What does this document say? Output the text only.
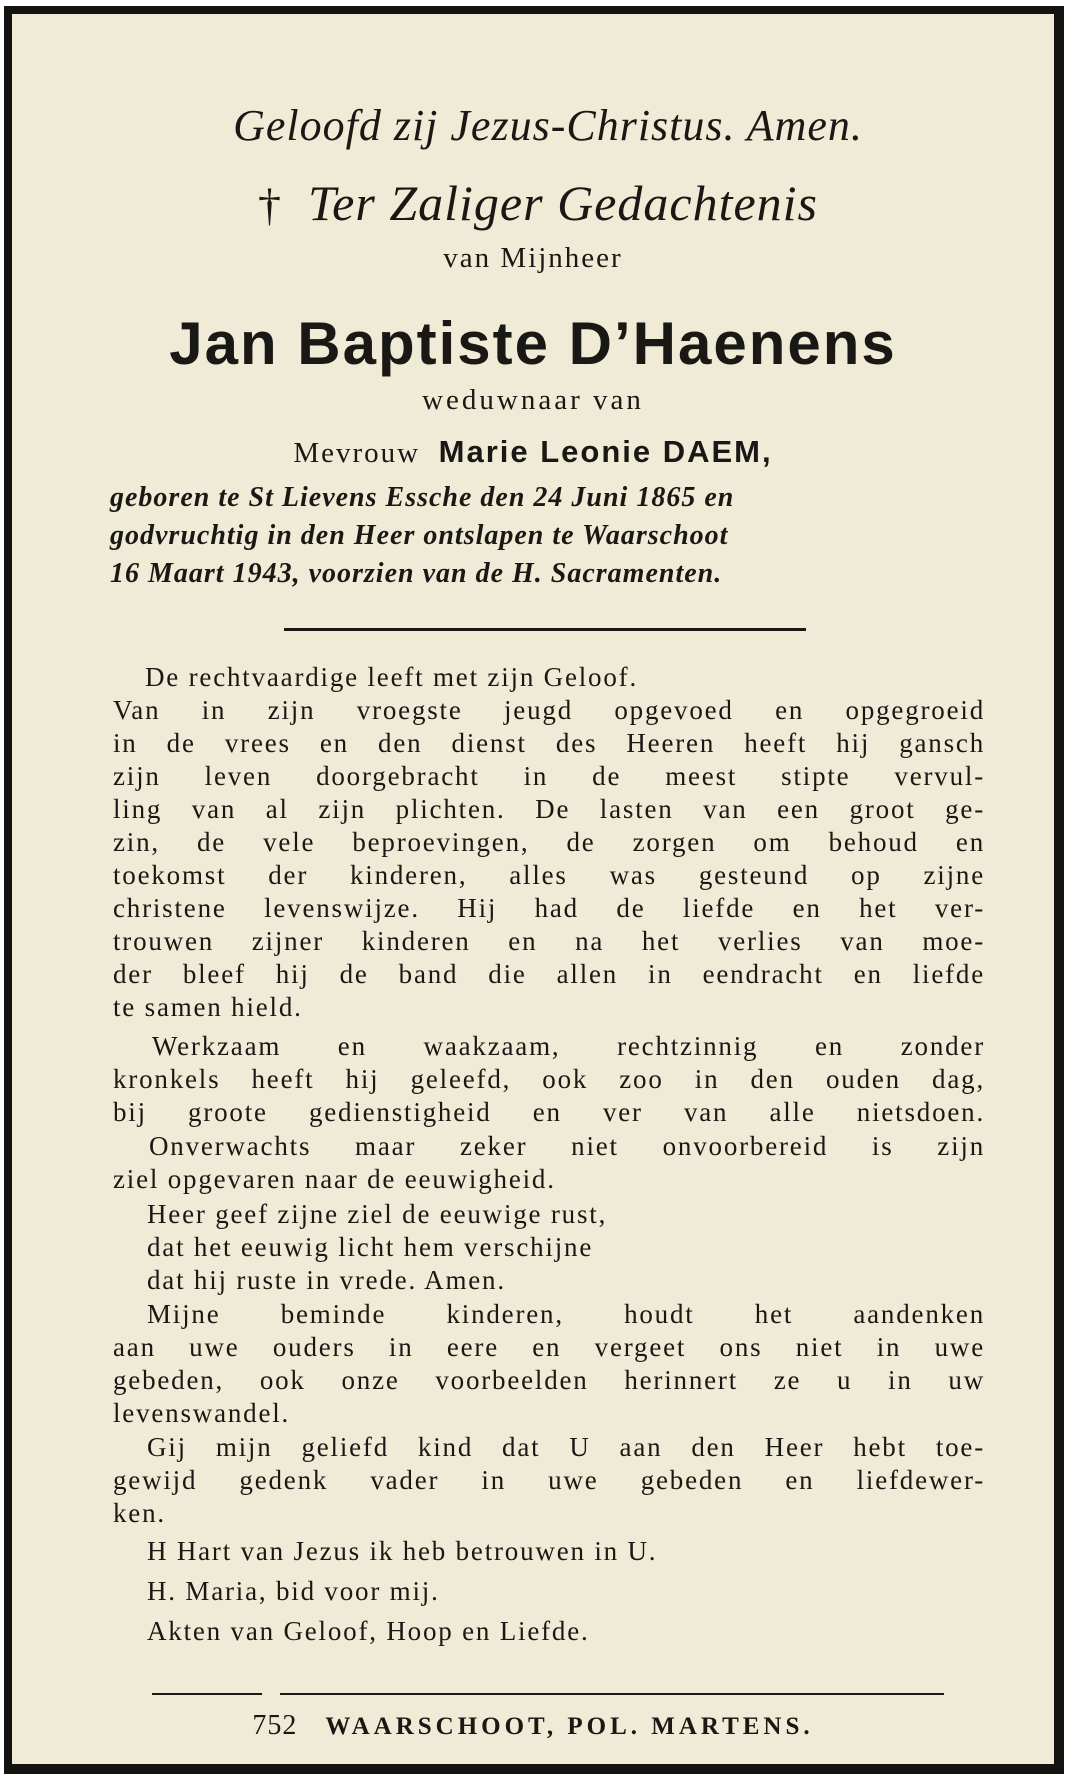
Geloofd zij Jezus-Christus. Amen.
† Ter Zaliger Gedachtenis
van Mijnheer
Jan Baptiste D’Haenens
weduwnaar van
Mevrouw Marie Leonie DAEM,
geboren te St Lievens Essche den 24 Juni 1865 en
godvruchtig in den Heer ontslapen te Waarschoot
16 Maart 1943, voorzien van de H. Sacramenten.
De rechtvaardige leeft met zijn Geloof.
Van in zijn vroegste jeugd opgevoed en opgegroeid
in de vrees en den dienst des Heeren heeft hij gansch
zijn leven doorgebracht in de meest stipte vervul-
ling van al zijn plichten. De lasten van een groot ge-
zin, de vele beproevingen, de zorgen om behoud en
toekomst der kinderen, alles was gesteund op zijne
christene levenswijze. Hij had de liefde en het ver-
trouwen zijner kinderen en na het verlies van moe-
der bleef hij de band die allen in eendracht en liefde
te samen hield.
Werkzaam en waakzaam, rechtzinnig en zonder
kronkels heeft hij geleefd, ook zoo in den ouden dag,
bij groote gedienstigheid en ver van alle nietsdoen.
Onverwachts maar zeker niet onvoorbereid is zijn
ziel opgevaren naar de eeuwigheid.
Heer geef zijne ziel de eeuwige rust,
dat het eeuwig licht hem verschijne
dat hij ruste in vrede. Amen.
Mijne beminde kinderen, houdt het aandenken
aan uwe ouders in eere en vergeet ons niet in uwe
gebeden, ook onze voorbeelden herinnert ze u in uw
levenswandel.
Gij mijn geliefd kind dat U aan den Heer hebt toe-
gewijd gedenk vader in uwe gebeden en liefdewer-
ken.
H Hart van Jezus ik heb betrouwen in U.
H. Maria, bid voor mij.
Akten van Geloof, Hoop en Liefde.
752 WAARSCHOOT, POL. MARTENS.
